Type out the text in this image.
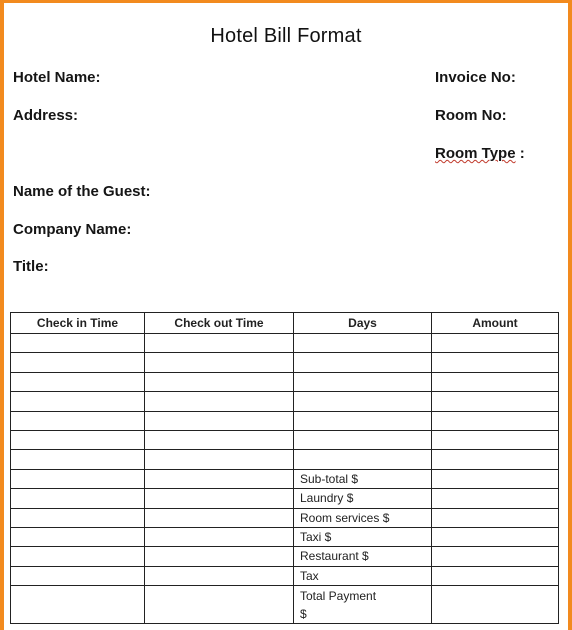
Hotel Bill Format
Hotel Name:
Address:
Name of the Guest:
Company Name:
Title:
Invoice No:
Room No:
Room Type :
Check in Time	Check out Time	Days	Amount

		Sub-total $	
		Laundry $	
		Room services $	
		Taxi $	
		Restaurant $	
		Tax	
		Total Payment
$	
